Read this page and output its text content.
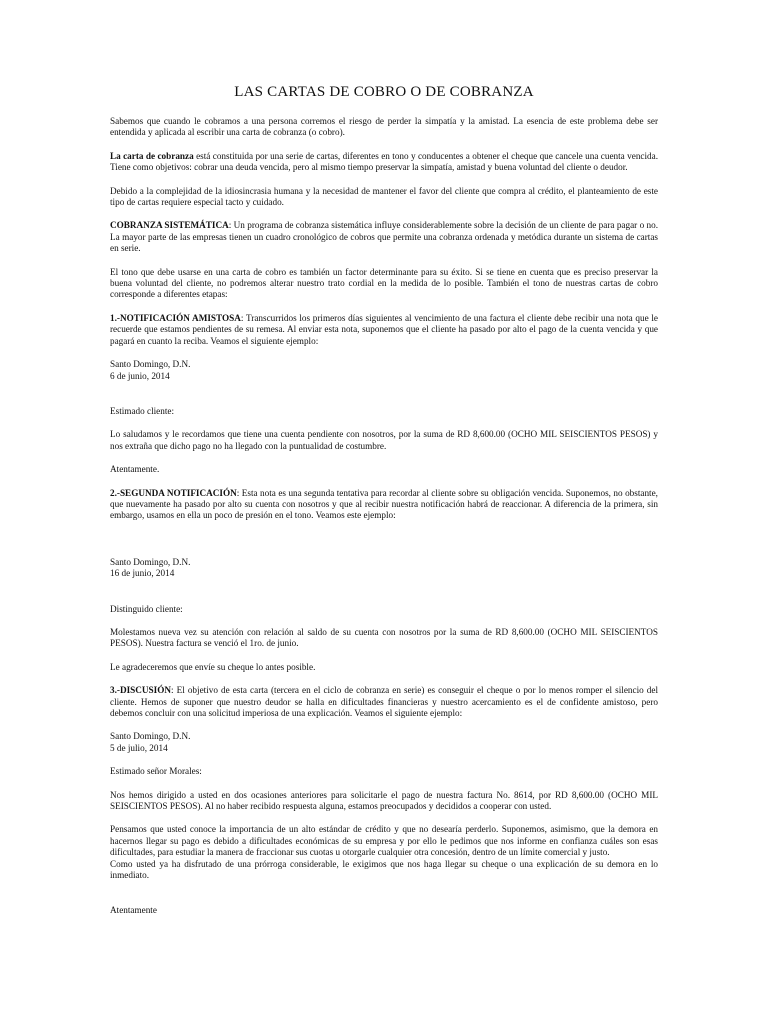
LAS CARTAS DE COBRO O DE COBRANZA

Sabemos que cuando le cobramos a una persona corremos el riesgo de perder la simpatía y la amistad. La esencia de este problema debe ser entendida y aplicada al escribir una carta de cobranza (o cobro).

La carta de cobranza está constituida por una serie de cartas, diferentes en tono y conducentes a obtener el cheque que cancele una cuenta vencida. Tiene como objetivos: cobrar una deuda vencida, pero al mismo tiempo preservar la simpatía, amistad y buena voluntad del cliente o deudor.

Debido a la complejidad de la idiosincrasia humana y la necesidad de mantener el favor del cliente que compra al crédito, el planteamiento de este tipo de cartas requiere especial tacto y cuidado.

COBRANZA SISTEMÁTICA: Un programa de cobranza sistemática influye considerablemente sobre la decisión de un cliente de para pagar o no. La mayor parte de las empresas tienen un cuadro cronológico de cobros que permite una cobranza ordenada y metódica durante un sistema de cartas en serie.

El tono que debe usarse en una carta de cobro es también un factor determinante para su éxito. Si se tiene en cuenta que es preciso preservar la buena voluntad del cliente, no podremos alterar nuestro trato cordial en la medida de lo posible. También el tono de nuestras cartas de cobro corresponde a diferentes etapas:

1.-NOTIFICACIÓN AMISTOSA: Transcurridos los primeros días siguientes al vencimiento de una factura el cliente debe recibir una nota que le recuerde que estamos pendientes de su remesa. Al enviar esta nota, suponemos que el cliente ha pasado por alto el pago de la cuenta vencida y que pagará en cuanto la reciba. Veamos el siguiente ejemplo:

Santo Domingo, D.N.

6 de junio, 2014

Estimado cliente:

Lo saludamos y le recordamos que tiene una cuenta pendiente con nosotros, por la suma de RD 8,600.00 (OCHO MIL SEISCIENTOS PESOS) y nos extraña que dicho pago no ha llegado con la puntualidad de costumbre.

Atentamente.

2.-SEGUNDA NOTIFICACIÓN: Esta nota es una segunda tentativa para recordar al cliente sobre su obligación vencida. Suponemos, no obstante, que nuevamente ha pasado por alto su cuenta con nosotros y que al recibir nuestra notificación habrá de reaccionar. A diferencia de la primera, sin embargo, usamos en ella un poco de presión en el tono. Veamos este ejemplo:

Santo Domingo, D.N.

16 de junio, 2014

Distinguido cliente:

Molestamos nueva vez su atención con relación al saldo de su cuenta con nosotros por la suma de RD 8,600.00 (OCHO MIL SEISCIENTOS PESOS). Nuestra factura se venció el 1ro. de junio.

Le agradeceremos que envíe su cheque lo antes posible.

3.-DISCUSIÓN: El objetivo de esta carta (tercera en el ciclo de cobranza en serie) es conseguir el cheque o por lo menos romper el silencio del cliente. Hemos de suponer que nuestro deudor se halla en dificultades financieras y nuestro acercamiento es el de confidente amistoso, pero debemos concluir con una solicitud imperiosa de una explicación. Veamos el siguiente ejemplo:

Santo Domingo, D.N.

5 de julio, 2014

Estimado señor Morales:

Nos hemos dirigido a usted en dos ocasiones anteriores para solicitarle el pago de nuestra factura No. 8614, por RD 8,600.00 (OCHO MIL SEISCIENTOS PESOS). Al no haber recibido respuesta alguna, estamos preocupados y decididos a cooperar con usted.

Pensamos que usted conoce la importancia de un alto estándar de crédito y que no desearía perderlo. Suponemos, asimismo, que la demora en hacernos llegar su pago es debido a dificultades económicas de su empresa y por ello le pedimos que nos informe en confianza cuáles son esas dificultades, para estudiar la manera de fraccionar sus cuotas u otorgarle cualquier otra concesión, dentro de un límite comercial y justo.

Como usted ya ha disfrutado de una prórroga considerable, le exigimos que nos haga llegar su cheque o una explicación de su demora en lo inmediato.

Atentamente
